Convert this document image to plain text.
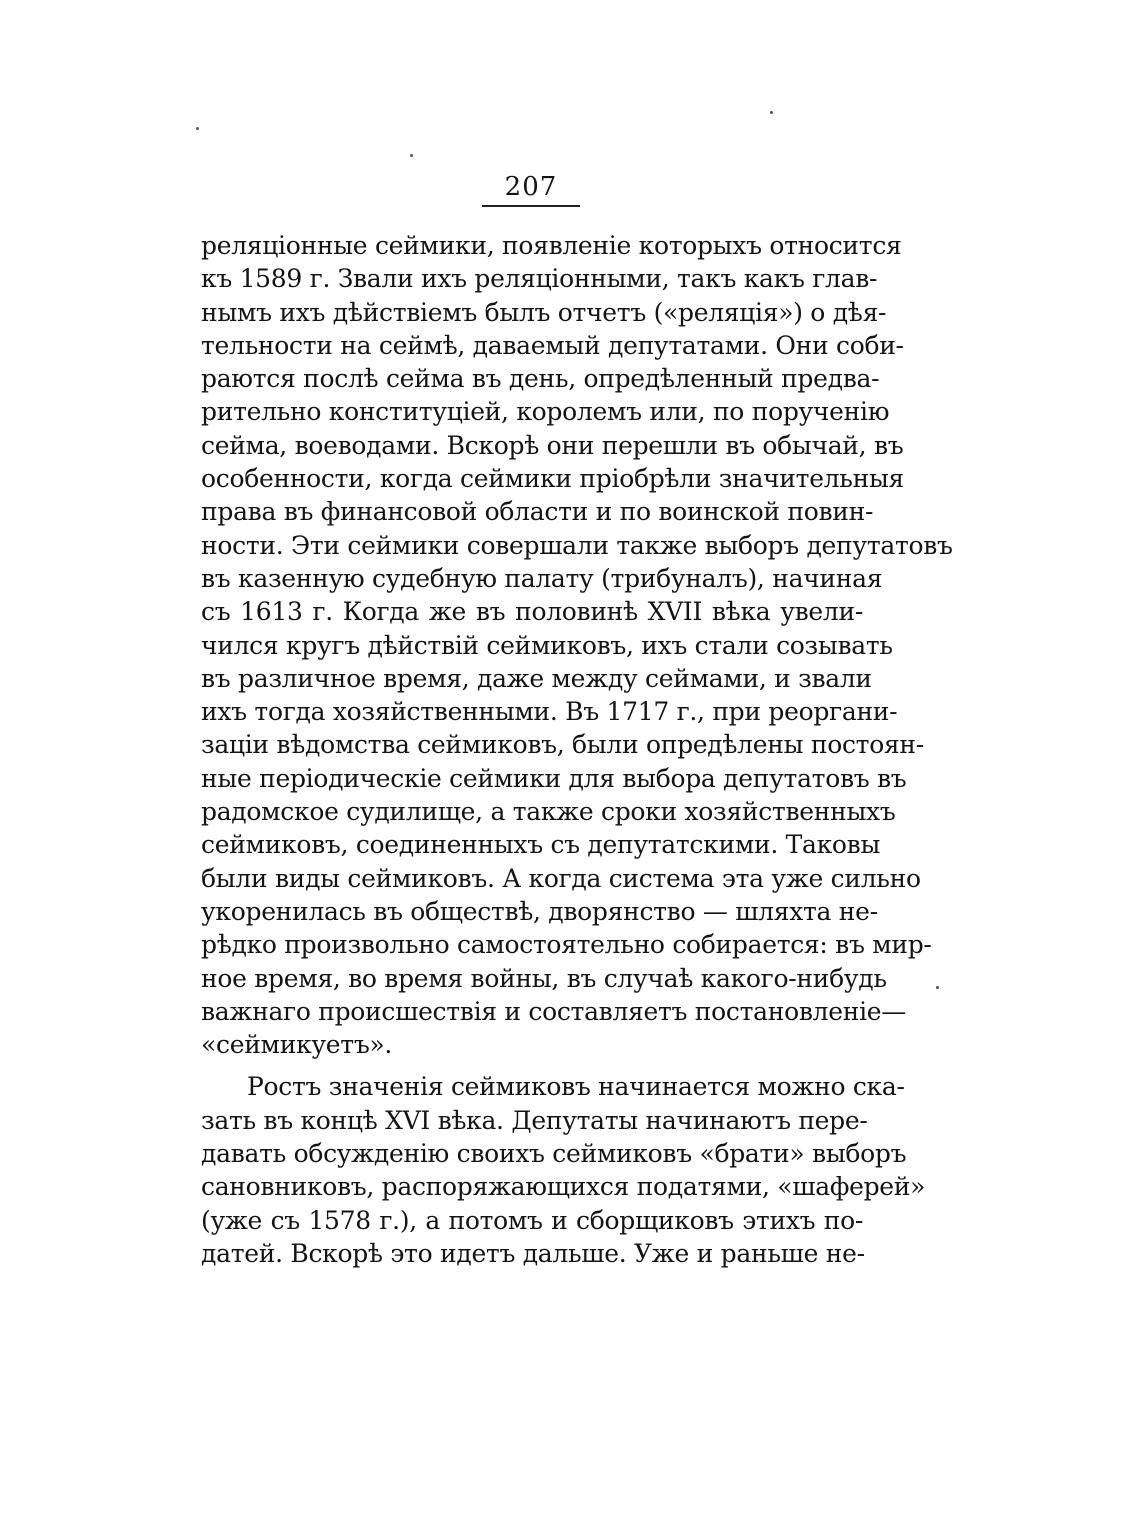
207
реляціонные сеймики, появленіе которыхъ относится
къ 1589 г. Звали ихъ реляціонными, такъ какъ глав-
нымъ ихъ дѣйствіемъ былъ отчетъ («реляція») о дѣя-
тельности на сеймѣ, даваемый депутатами. Они соби-
раются послѣ сейма въ день, опредѣленный предва-
рительно конституціей, королемъ или, по порученію
сейма, воеводами. Вскорѣ они перешли въ обычай, въ
особенности, когда сеймики пріобрѣли значительныя
права въ финансовой области и по воинской повин-
ности. Эти сеймики совершали также выборъ депутатовъ
въ казенную судебную палату (трибуналъ), начиная
съ 1613 г. Когда же въ половинѣ XVII вѣка увели-
чился кругъ дѣйствій сеймиковъ, ихъ стали созывать
въ различное время, даже между сеймами, и звали
ихъ тогда хозяйственными. Въ 1717 г., при реоргани-
заціи вѣдомства сеймиковъ, были опредѣлены постоян-
ные періодическіе сеймики для выбора депутатовъ въ
радомское судилище, а также сроки хозяйственныхъ
сеймиковъ, соединенныхъ съ депутатскими. Таковы
были виды сеймиковъ. А когда система эта уже сильно
укоренилась въ обществѣ, дворянство — шляхта не-
рѣдко произвольно самостоятельно собирается: въ мир-
ное время, во время войны, въ случаѣ какого-нибудь
важнаго происшествія и составляетъ постановленіе—
«сеймикуетъ».
Ростъ значенія сеймиковъ начинается можно ска-
зать въ концѣ XVI вѣка. Депутаты начинаютъ пере-
давать обсужденію своихъ сеймиковъ «брати» выборъ
сановниковъ, распоряжающихся податями, «шаферей»
(уже съ 1578 г.), а потомъ и сборщиковъ этихъ по-
датей. Вскорѣ это идетъ дальше. Уже и раньше не-
